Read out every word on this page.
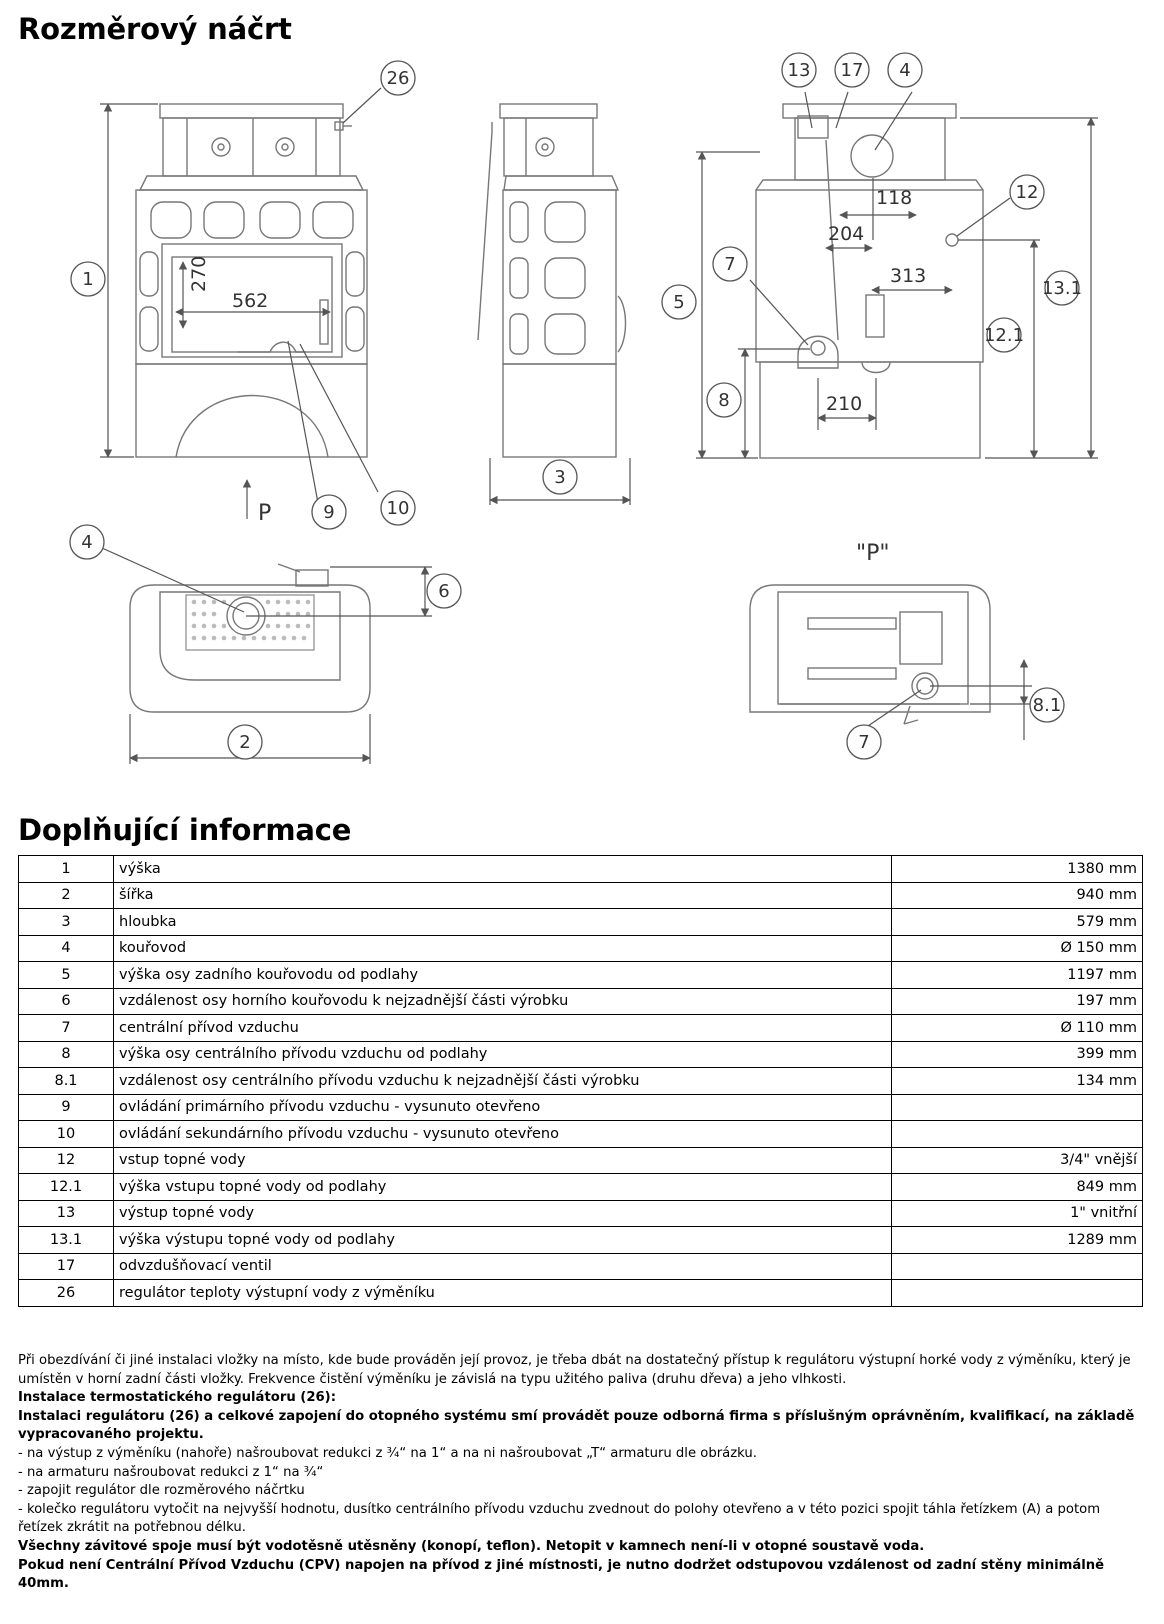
Rozměrový náčrt
270
562
P
118
204
313
210
"P"
1
2
3
4
4
5
6
7
7
8
8.1
9	10
12
12.1
13
13.1
17
26
Doplňující informace
1	výška	1380 mm
2	šířka	940 mm
3	hloubka	579 mm
4	kouřovod	Ø 150 mm
5	výška osy zadního kouřovodu od podlahy	1197 mm
6	vzdálenost osy horního kouřovodu k nejzadnější části výrobku	197 mm
7	centrální přívod vzduchu	Ø 110 mm
8	výška osy centrálního přívodu vzduchu od podlahy	399 mm
8.1	vzdálenost osy centrálního přívodu vzduchu k nejzadnější části výrobku	134 mm
9	ovládání primárního přívodu vzduchu - vysunuto otevřeno	
10	ovládání sekundárního přívodu vzduchu - vysunuto otevřeno	
12	vstup topné vody	3/4" vnější
12.1	výška vstupu topné vody od podlahy	849 mm
13	výstup topné vody	1" vnitřní
13.1	výška výstupu topné vody od podlahy	1289 mm
17	odvzdušňovací ventil	
26	regulátor teploty výstupní vody z výměníku	

Při obezdívání či jiné instalaci vložky na místo, kde bude prováděn její provoz, je třeba dbát na dostatečný přístup k regulátoru výstupní horké vody z výměníku, který je umístěn v horní zadní části vložky. Frekvence čistění výměníku je závislá na typu užitého paliva (druhu dřeva) a jeho vlhkosti.

Instalace termostatického regulátoru (26):

Instalaci regulátoru (26) a celkové zapojení do otopného systému smí provádět pouze odborná firma s příslušným oprávněním, kvalifikací, na základě vypracovaného projektu.

- na výstup z výměníku (nahoře) našroubovat redukci z ¾“ na 1“ a na ni našroubovat „T“ armaturu dle obrázku.

- na armaturu našroubovat redukci z 1“ na ¾“

- zapojit regulátor dle rozměrového náčrtku

- kolečko regulátoru vytočit na nejvyšší hodnotu, dusítko centrálního přívodu vzduchu zvednout do polohy otevřeno a v této pozici spojit táhla řetízkem (A) a potom řetízek zkrátit na potřebnou délku.

Všechny závitové spoje musí být vodotěsně utěsněny (konopí, teflon). Netopit v kamnech není-li v otopné soustavě voda.

Pokud není Centrální Přívod Vzduchu (CPV) napojen na přívod z jiné místnosti, je nutno dodržet odstupovou vzdálenost od zadní stěny minimálně 40mm.
